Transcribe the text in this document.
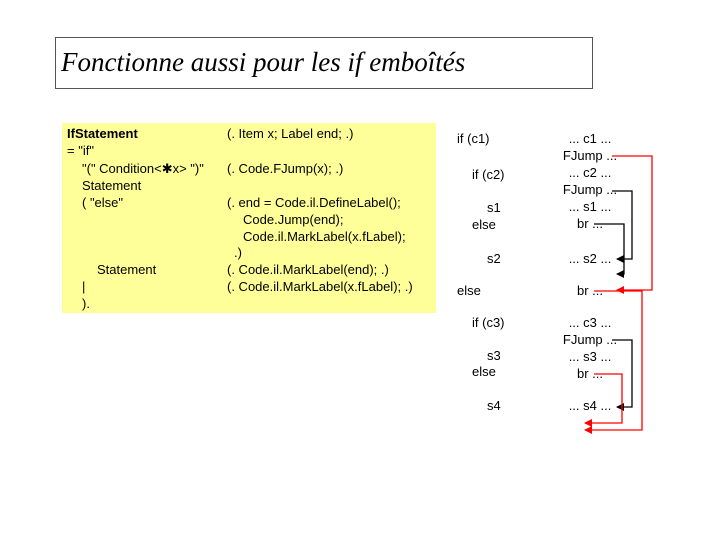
Fonctionne aussi pour les if emboîtés
IfStatement
= "if"
"(" Condition<✱x> ")"
Statement
( "else"
Statement
|
).
(. Item x; Label end; .)
(. Code.FJump(x); .)
(. end = Code.il.DefineLabel();
Code.Jump(end);
Code.il.MarkLabel(x.fLabel);
.)
(. Code.il.MarkLabel(end); .)
(. Code.il.MarkLabel(x.fLabel); .)
if (c1)
if (c2)
s1
else
s2
else
if (c3)
s3
else
s4
... c1 ...
FJump ...
... c2 ...
FJump ...
... s1 ...
br ...
... s2 ...
br ...
... c3 ...
FJump ...
... s3 ...
br ...
... s4 ...
